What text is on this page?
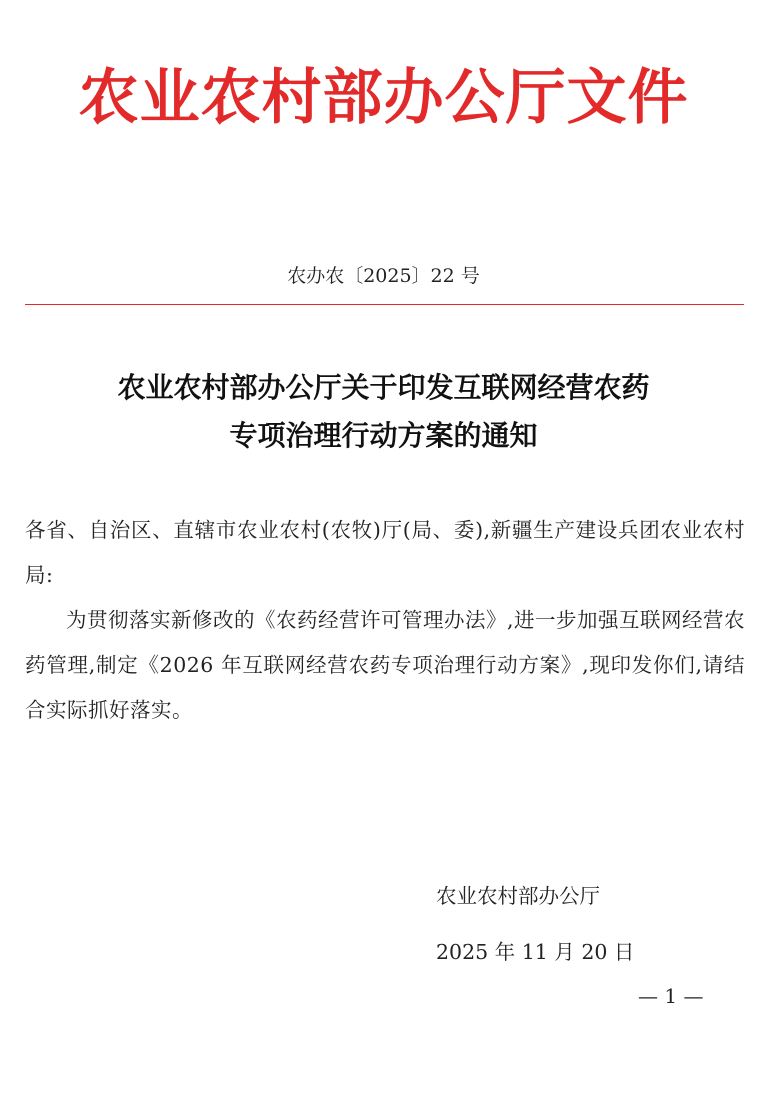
农业农村部办公厅文件
农办农〔2025〕22 号
农业农村部办公厅关于印发互联网经营农药
专项治理行动方案的通知

各省、自治区、直辖市农业农村(农牧)厅(局、委),新疆生产建设兵团农业农村局:

为贯彻落实新修改的《农药经营许可管理办法》,进一步加强互联网经营农药管理,制定《2026 年互联网经营农药专项治理行动方案》,现印发你们,请结合实际抓好落实。

农业农村部办公厅
2025 年 11 月 20 日
— 1 —
